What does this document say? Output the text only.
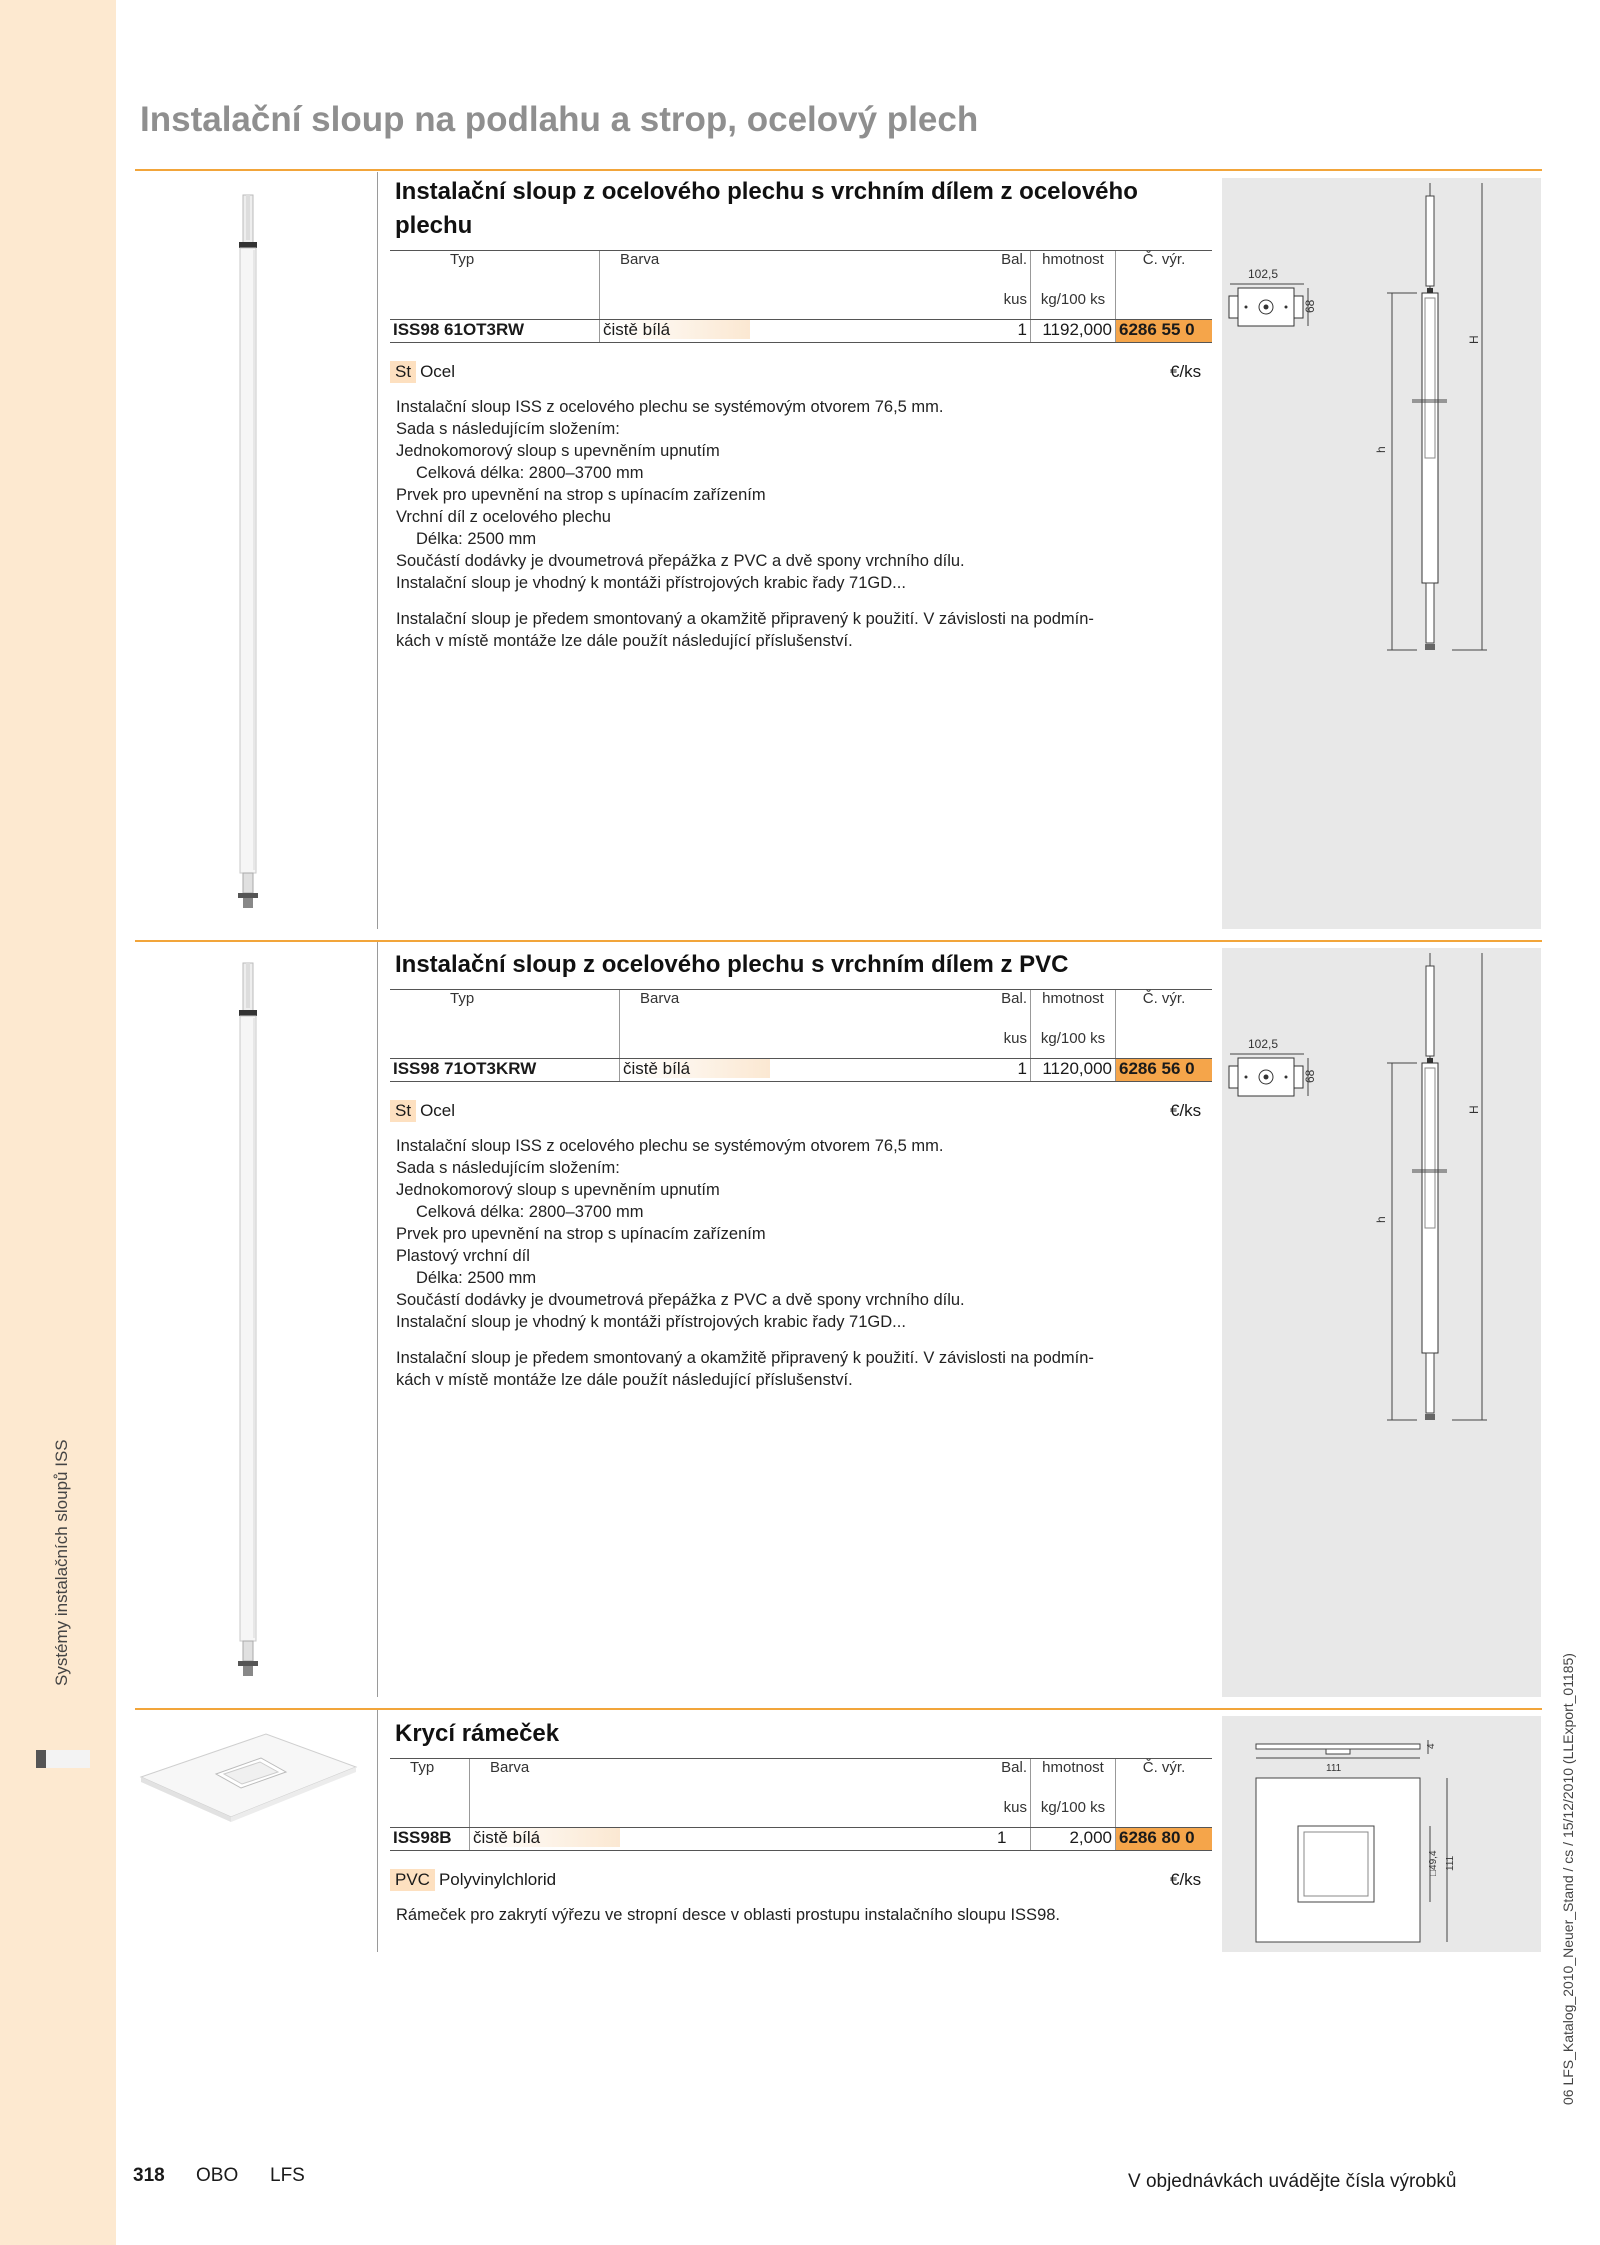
Systémy instalačních sloupů ISS
06 LFS_Katalog_2010_Neuer_Stand / cs / 15/12/2010 (LLExport_01185)
Instalační sloup na podlahu a strop, ocelový plech
Instalační sloup z ocelového plechu s vrchním dílem z ocelového plechu
Typ	Barva	Bal.	hmotnost	Č. výr.
		kus	kg/100 ks	
ISS98 61OT3RW	čistě bílá	1	1192,000	6286 55 0
St Ocel	€/ks

Instalační sloup ISS z ocelového plechu se systémovým otvorem 76,5 mm.

Sada s následujícím složením:

Jednokomorový sloup s upevněním upnutím

Celková délka: 2800–3700 mm

Prvek pro upevnění na strop s upínacím zařízením

Vrchní díl z ocelového plechu

Délka: 2500 mm

Součástí dodávky je dvoumetrová přepážka z PVC a dvě spony vrchního dílu.

Instalační sloup je vhodný k montáži přístrojových krabic řady 71GD...

Instalační sloup je předem smontovaný a okamžitě připravený k použití. V závislosti na podmín-

kách v místě montáže lze dále použít následující příslušenství.

102,5
68
h
H
Instalační sloup z ocelového plechu s vrchním dílem z PVC
Typ	Barva	Bal.	hmotnost	Č. výr.
		kus	kg/100 ks	
ISS98 71OT3KRW	čistě bílá	1	1120,000	6286 56 0
St Ocel	€/ks

Instalační sloup ISS z ocelového plechu se systémovým otvorem 76,5 mm.

Sada s následujícím složením:

Jednokomorový sloup s upevněním upnutím

Celková délka: 2800–3700 mm

Prvek pro upevnění na strop s upínacím zařízením

Plastový vrchní díl

Délka: 2500 mm

Součástí dodávky je dvoumetrová přepážka z PVC a dvě spony vrchního dílu.

Instalační sloup je vhodný k montáži přístrojových krabic řady 71GD...

Instalační sloup je předem smontovaný a okamžitě připravený k použití. V závislosti na podmín-

kách v místě montáže lze dále použít následující příslušenství.

102,5
68
h
H
Krycí rámeček
Typ	Barva	Bal.	hmotnost	Č. výr.
		kus	kg/100 ks	
ISS98B	čistě bílá	1	2,000	6286 80 0
PVC Polyvinylchlorid	€/ks

Rámeček pro zakrytí výřezu ve stropní desce v oblasti prostupu instalačního sloupu ISS98.

111
4
□49,4 111
318 OBO LFS	V objednávkách uvádějte čísla výrobků
